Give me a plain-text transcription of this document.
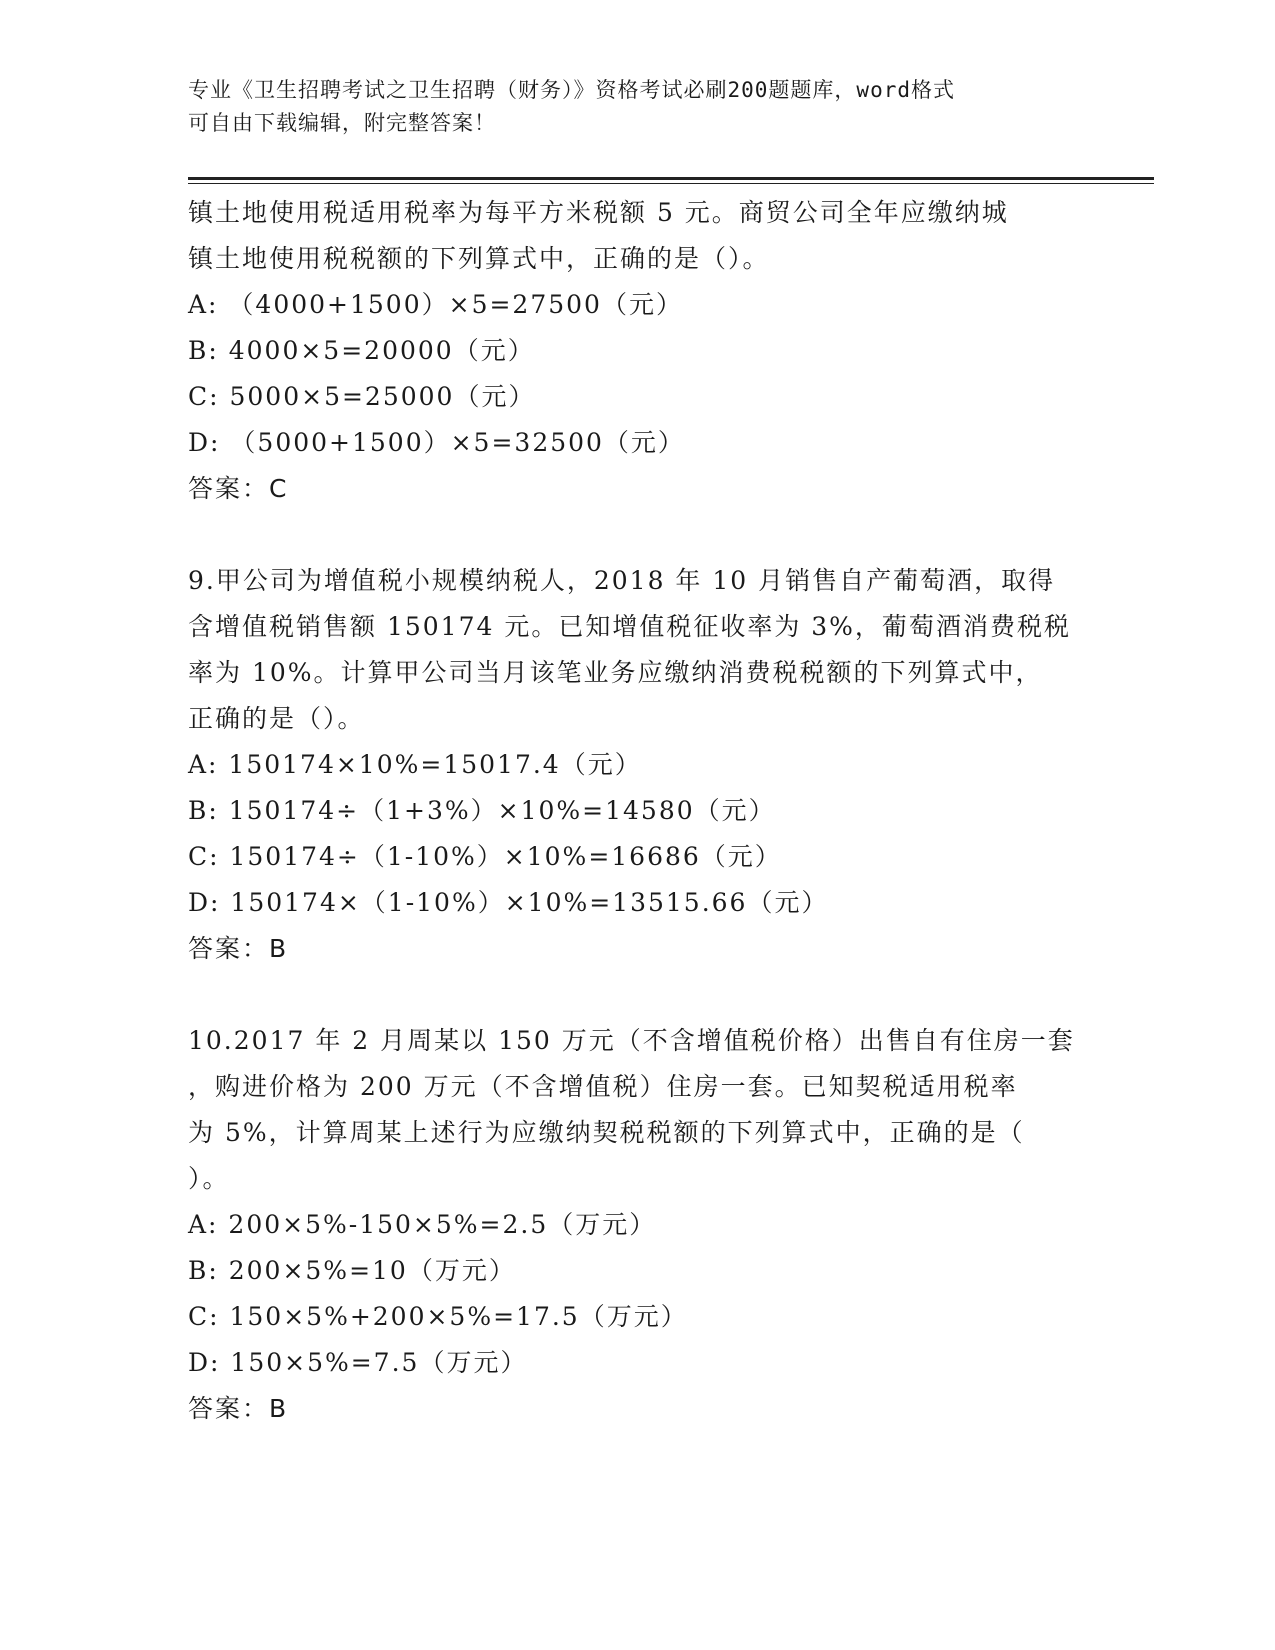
专业《卫生招聘考试之卫生招聘（财务）》资格考试必刷200题题库，word格式
可自由下载编辑，附完整答案！
镇土地使用税适用税率为每平方米税额 5 元。商贸公司全年应缴纳城
镇土地使用税税额的下列算式中，正确的是（）。
A: （4000+1500）×5=27500（元）
B: 4000×5=20000（元）
C: 5000×5=25000（元）
D: （5000+1500）×5=32500（元）
答案：C
9.甲公司为增值税小规模纳税人，2018 年 10 月销售自产葡萄酒，取得
含增值税销售额 150174 元。已知增值税征收率为 3%，葡萄酒消费税税
率为 10%。计算甲公司当月该笔业务应缴纳消费税税额的下列算式中，
正确的是（）。
A: 150174×10%=15017.4（元）
B: 150174÷（1+3%）×10%=14580（元）
C: 150174÷（1-10%）×10%=16686（元）
D: 150174×（1-10%）×10%=13515.66（元）
答案：B
10.2017 年 2 月周某以 150 万元（不含增值税价格）出售自有住房一套
，购进价格为 200 万元（不含增值税）住房一套。已知契税适用税率
为 5%，计算周某上述行为应缴纳契税税额的下列算式中，正确的是（
）。
A: 200×5%-150×5%=2.5（万元）
B: 200×5%=10（万元）
C: 150×5%+200×5%=17.5（万元）
D: 150×5%=7.5（万元）
答案：B
